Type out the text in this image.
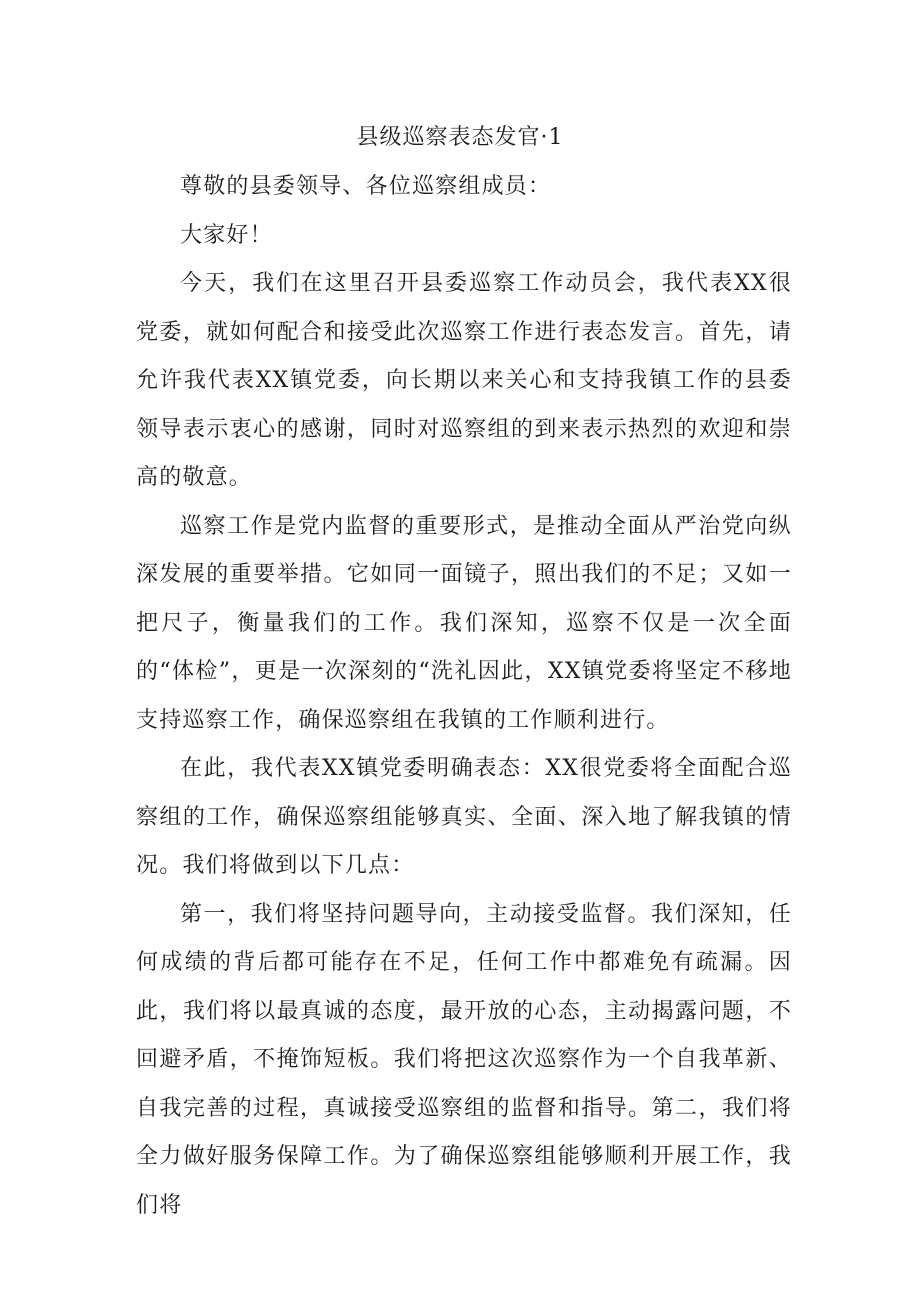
县级巡察表态发官·1

尊敬的县委领导、各位巡察组成员：

大家好！

今天，我们在这里召开县委巡察工作动员会，我代表XX很党委，就如何配合和接受此次巡察工作进行表态发言。首先，请允许我代表XX镇党委，向长期以来关心和支持我镇工作的县委领导表示衷心的感谢，同时对巡察组的到来表示热烈的欢迎和崇高的敬意。

巡察工作是党内监督的重要形式，是推动全面从严治党向纵深发展的重要举措。它如同一面镜子，照出我们的不足；又如一把尺子，衡量我们的工作。我们深知，巡察不仅是一次全面的“体检”，更是一次深刻的“洗礼因此，XX镇党委将坚定不移地支持巡察工作，确保巡察组在我镇的工作顺利进行。

在此，我代表XX镇党委明确表态：XX很党委将全面配合巡察组的工作，确保巡察组能够真实、全面、深入地了解我镇的情况。我们将做到以下几点：

第一，我们将坚持问题导向，主动接受监督。我们深知，任何成绩的背后都可能存在不足，任何工作中都难免有疏漏。因此，我们将以最真诚的态度，最开放的心态，主动揭露问题，不回避矛盾，不掩饰短板。我们将把这次巡察作为一个自我革新、自我完善的过程，真诚接受巡察组的监督和指导。第二，我们将全力做好服务保障工作。为了确保巡察组能够顺利开展工作，我们将
